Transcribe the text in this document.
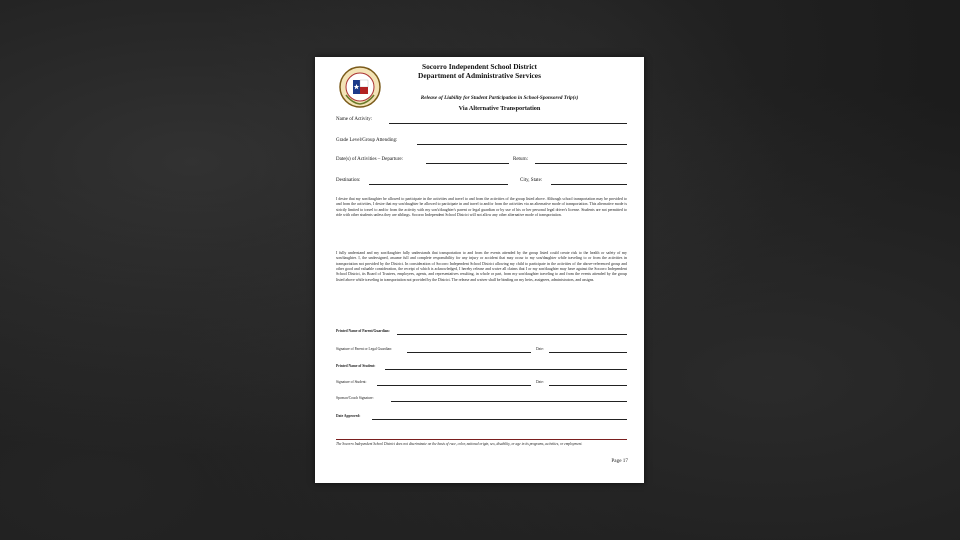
Socorro Independent School District
Department of Administrative Services
Release of Liability for Student Participation in School-Sponsored Trip(s)
Via Alternative Transportation
Name of Activity:
Grade Level/Group Attending:
Date(s) of Activities – Departure:	Return:
Destination:	City, State:
I desire that my son/daughter be allowed to participate in the activities and travel to and from the activities of the group listed above. Although school transportation may be provided to and from the activities, I desire that my son/daughter be allowed to participate in and travel to and/or from the activities via an alternative mode of transportation. This alternative mode is strictly limited to travel to and/or from the activity with my son's/daughter's parent or legal guardian or by use of his or her personal legal driver's license. Students are not permitted to ride with other students unless they are siblings. Socorro Independent School District will not allow any other alternative mode of transportation.
I fully understand and my son/daughter fully understands that transportation to and from the events attended by the group listed could create risk to the health or safety of my son/daughter. I, the undersigned, assume full and complete responsibility for any injury or accident that may occur to my son/daughter while traveling to or from the activities in transportation not provided by the District. In consideration of Socorro Independent School District allowing my child to participate in the activities of the above-referenced group and other good and valuable consideration, the receipt of which is acknowledged, I hereby release and waive all claims that I or my son/daughter may have against the Socorro Independent School District, its Board of Trustees, employees, agents, and representatives resulting, in whole or part, from my son/daughter traveling to and from the events attended by the group listed above while traveling in transportation not provided by the District. The release and waiver shall be binding on my heirs, assignees, administrators, and assigns.
Printed Name of Parent/Guardian:
Signature of Parent or Legal Guardian:	Date:
Printed Name of Student:
Signature of Student:	Date:
Sponsor/Coach Signature:
Date Approved:
The Socorro Independent School District does not discriminate on the basis of race, color, national origin, sex, disability, or age in its programs, activities, or employment.
Page 17
